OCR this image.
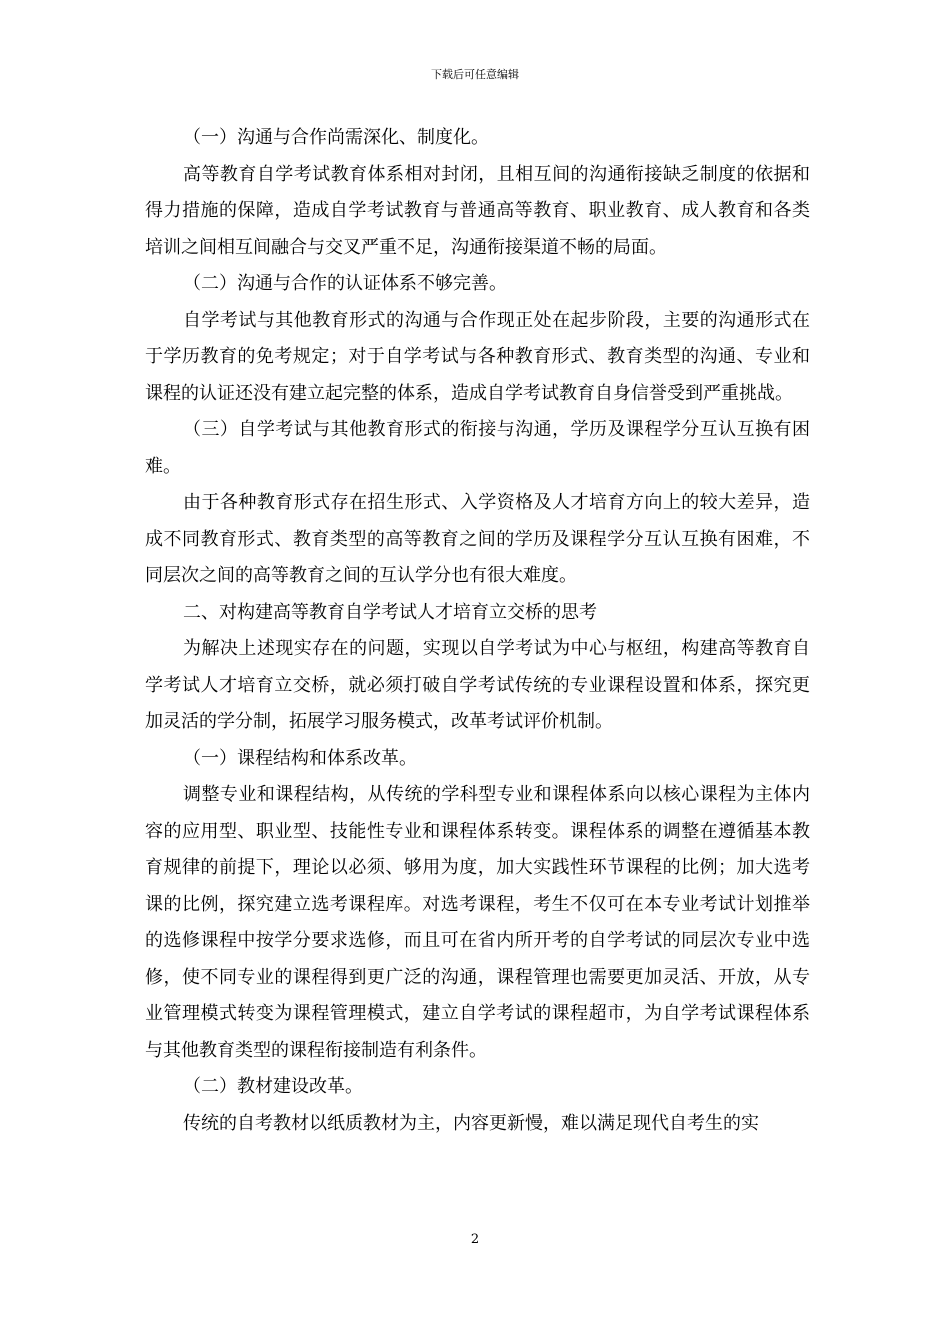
下载后可任意编辑

（一）沟通与合作尚需深化、制度化。

高等教育自学考试教育体系相对封闭，且相互间的沟通衔接缺乏制度的依据和得力措施的保障，造成自学考试教育与普通高等教育、职业教育、成人教育和各类培训之间相互间融合与交叉严重不足，沟通衔接渠道不畅的局面。

（二）沟通与合作的认证体系不够完善。

自学考试与其他教育形式的沟通与合作现正处在起步阶段，主要的沟通形式在于学历教育的免考规定；对于自学考试与各种教育形式、教育类型的沟通、专业和课程的认证还没有建立起完整的体系，造成自学考试教育自身信誉受到严重挑战。

（三）自学考试与其他教育形式的衔接与沟通，学历及课程学分互认互换有困难。

由于各种教育形式存在招生形式、入学资格及人才培育方向上的较大差异，造成不同教育形式、教育类型的高等教育之间的学历及课程学分互认互换有困难，不同层次之间的高等教育之间的互认学分也有很大难度。

二、对构建高等教育自学考试人才培育立交桥的思考

为解决上述现实存在的问题，实现以自学考试为中心与枢纽，构建高等教育自学考试人才培育立交桥，就必须打破自学考试传统的专业课程设置和体系，探究更加灵活的学分制，拓展学习服务模式，改革考试评价机制。

（一）课程结构和体系改革。

调整专业和课程结构，从传统的学科型专业和课程体系向以核心课程为主体内容的应用型、职业型、技能性专业和课程体系转变。课程体系的调整在遵循基本教育规律的前提下，理论以必须、够用为度，加大实践性环节课程的比例；加大选考课的比例，探究建立选考课程库。对选考课程，考生不仅可在本专业考试计划推举的选修课程中按学分要求选修，而且可在省内所开考的自学考试的同层次专业中选修，使不同专业的课程得到更广泛的沟通，课程管理也需要更加灵活、开放，从专业管理模式转变为课程管理模式，建立自学考试的课程超市，为自学考试课程体系与其他教育类型的课程衔接制造有利条件。

（二）教材建设改革。

传统的自考教材以纸质教材为主，内容更新慢，难以满足现代自考生的实

2
